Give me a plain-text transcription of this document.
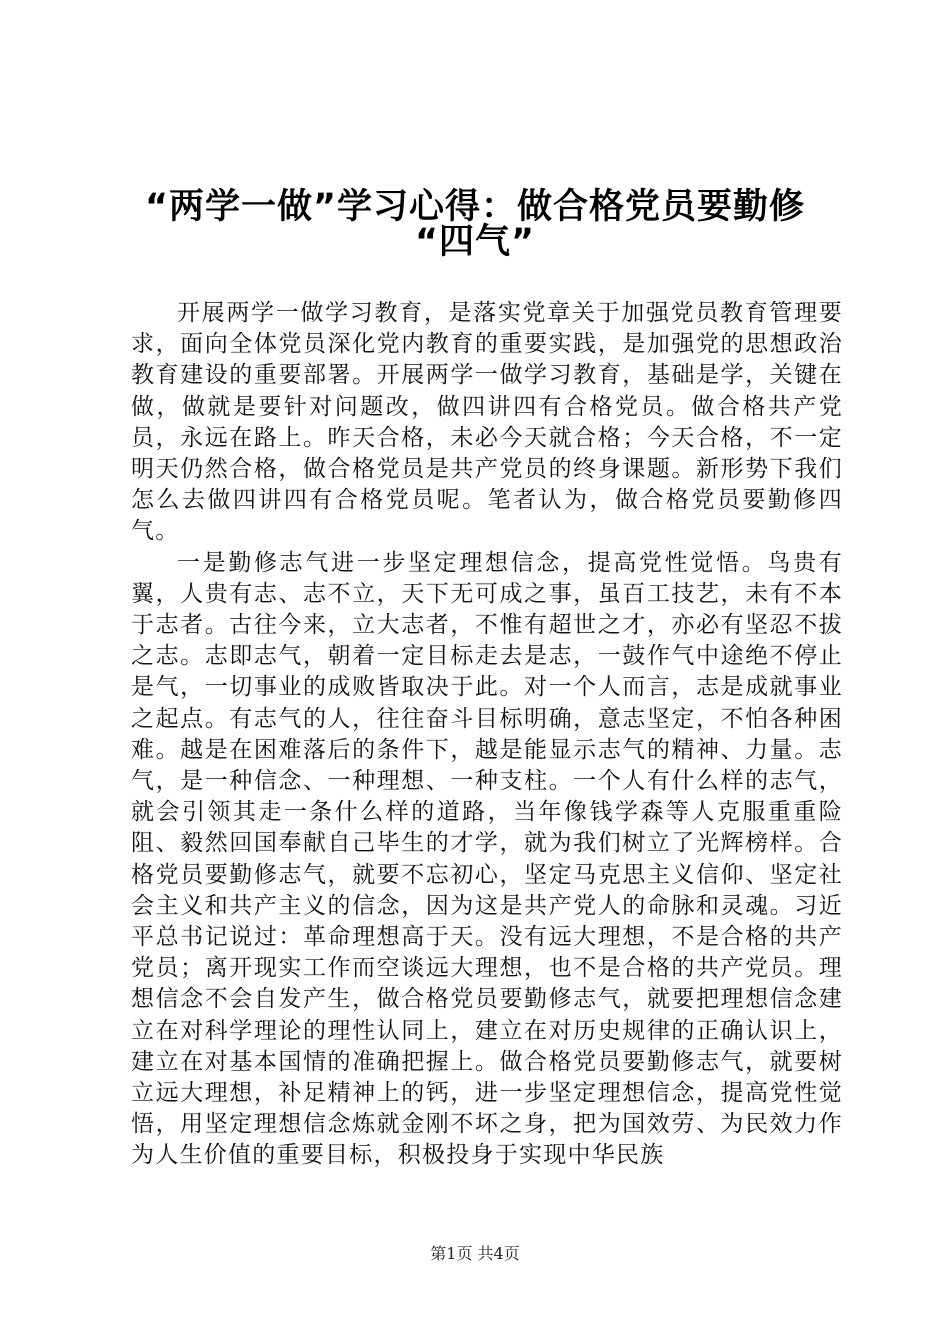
“两学一做”学习心得：做合格党员要勤修
“四气”

开展两学一做学习教育，是落实党章关于加强党员教育管理要求，面向全体党员深化党内教育的重要实践，是加强党的思想政治教育建设的重要部署。开展两学一做学习教育，基础是学，关键在做，做就是要针对问题改，做四讲四有合格党员。做合格共产党员，永远在路上。昨天合格，未必今天就合格；今天合格，不一定明天仍然合格，做合格党员是共产党员的终身课题。新形势下我们怎么去做四讲四有合格党员呢。笔者认为，做合格党员要勤修四气。

一是勤修志气进一步坚定理想信念，提高党性觉悟。鸟贵有翼，人贵有志、志不立，天下无可成之事，虽百工技艺，未有不本于志者。古往今来，立大志者，不惟有超世之才，亦必有坚忍不拔之志。志即志气，朝着一定目标走去是志，一鼓作气中途绝不停止是气，一切事业的成败皆取决于此。对一个人而言，志是成就事业之起点。有志气的人，往往奋斗目标明确，意志坚定，不怕各种困难。越是在困难落后的条件下，越是能显示志气的精神、力量。志气，是一种信念、一种理想、一种支柱。一个人有什么样的志气，就会引领其走一条什么样的道路，当年像钱学森等人克服重重险阻、毅然回国奉献自己毕生的才学，就为我们树立了光辉榜样。合格党员要勤修志气，就要不忘初心，坚定马克思主义信仰、坚定社会主义和共产主义的信念，因为这是共产党人的命脉和灵魂。习近平总书记说过：革命理想高于天。没有远大理想，不是合格的共产党员；离开现实工作而空谈远大理想，也不是合格的共产党员。理想信念不会自发产生，做合格党员要勤修志气，就要把理想信念建立在对科学理论的理性认同上，建立在对历史规律的正确认识上，建立在对基本国情的准确把握上。做合格党员要勤修志气，就要树立远大理想，补足精神上的钙，进一步坚定理想信念，提高党性觉悟，用坚定理想信念炼就金刚不坏之身，把为国效劳、为民效力作为人生价值的重要目标，积极投身于实现中华民族

第1页 共4页
